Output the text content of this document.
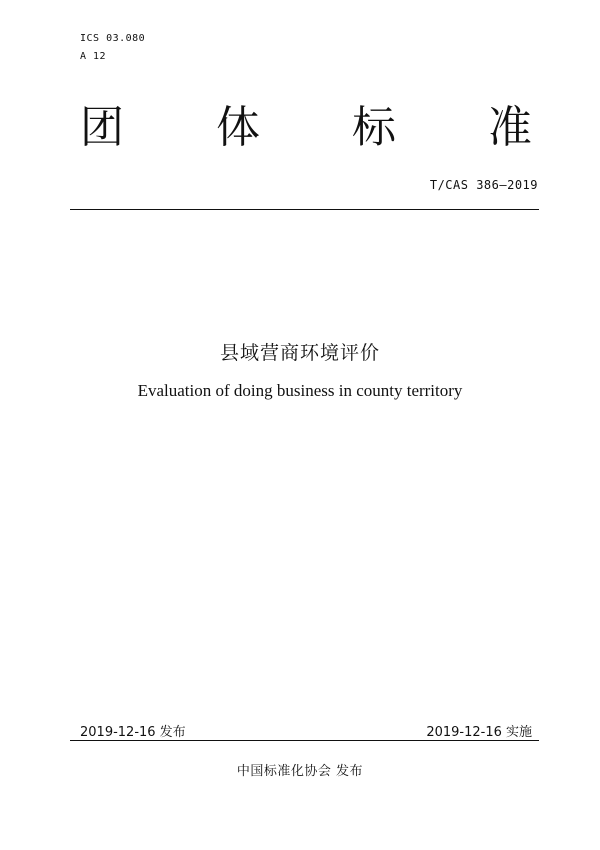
ICS 03.080
A 12
团 体 标 准
T/CAS 386—2019
县域营商环境评价
Evaluation of doing business in county territory
2019-12-16 发布	2019-12-16 实施
中国标准化协会 发布
